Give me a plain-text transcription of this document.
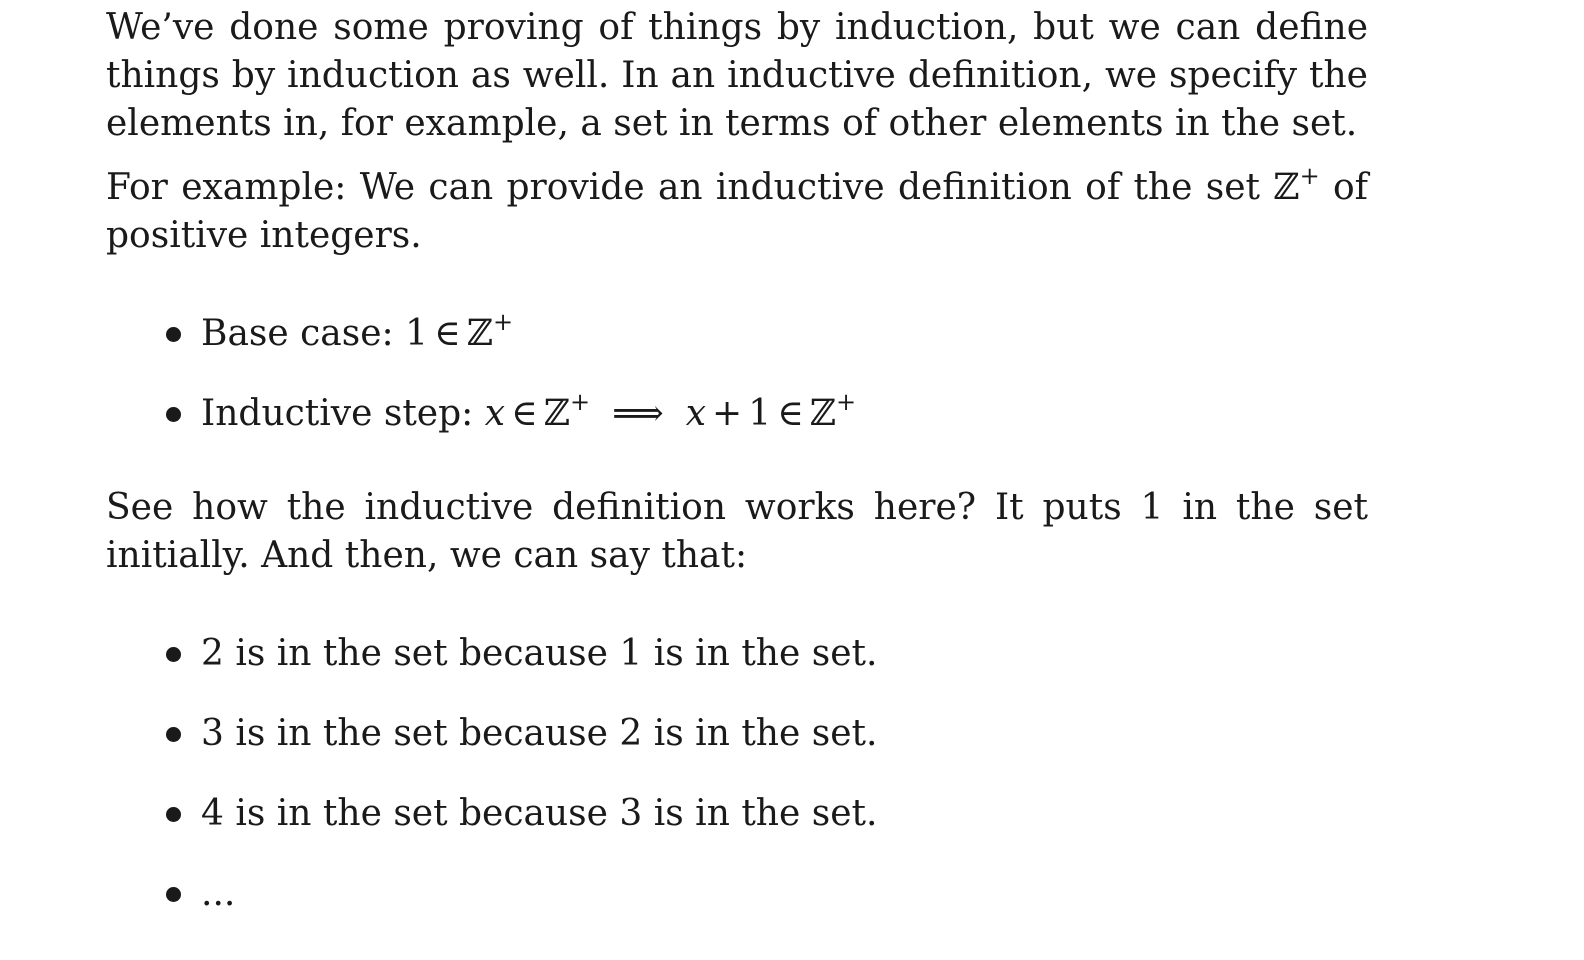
We’ve done some proving of things by induction, but we can define things by induction as well. In an inductive definition, we specify the elements in, for example, a set in terms of other elements in the set.

For example: We can provide an inductive definition of the set ℤ+ of positive integers.

Base case: 1 ∈ ℤ+
Inductive step: x ∈ ℤ+ ⟹ x + 1 ∈ ℤ+

See how the inductive definition works here? It puts 1 in the set initially. And then, we can say that:

2 is in the set because 1 is in the set.
3 is in the set because 2 is in the set.
4 is in the set because 3 is in the set.
...
